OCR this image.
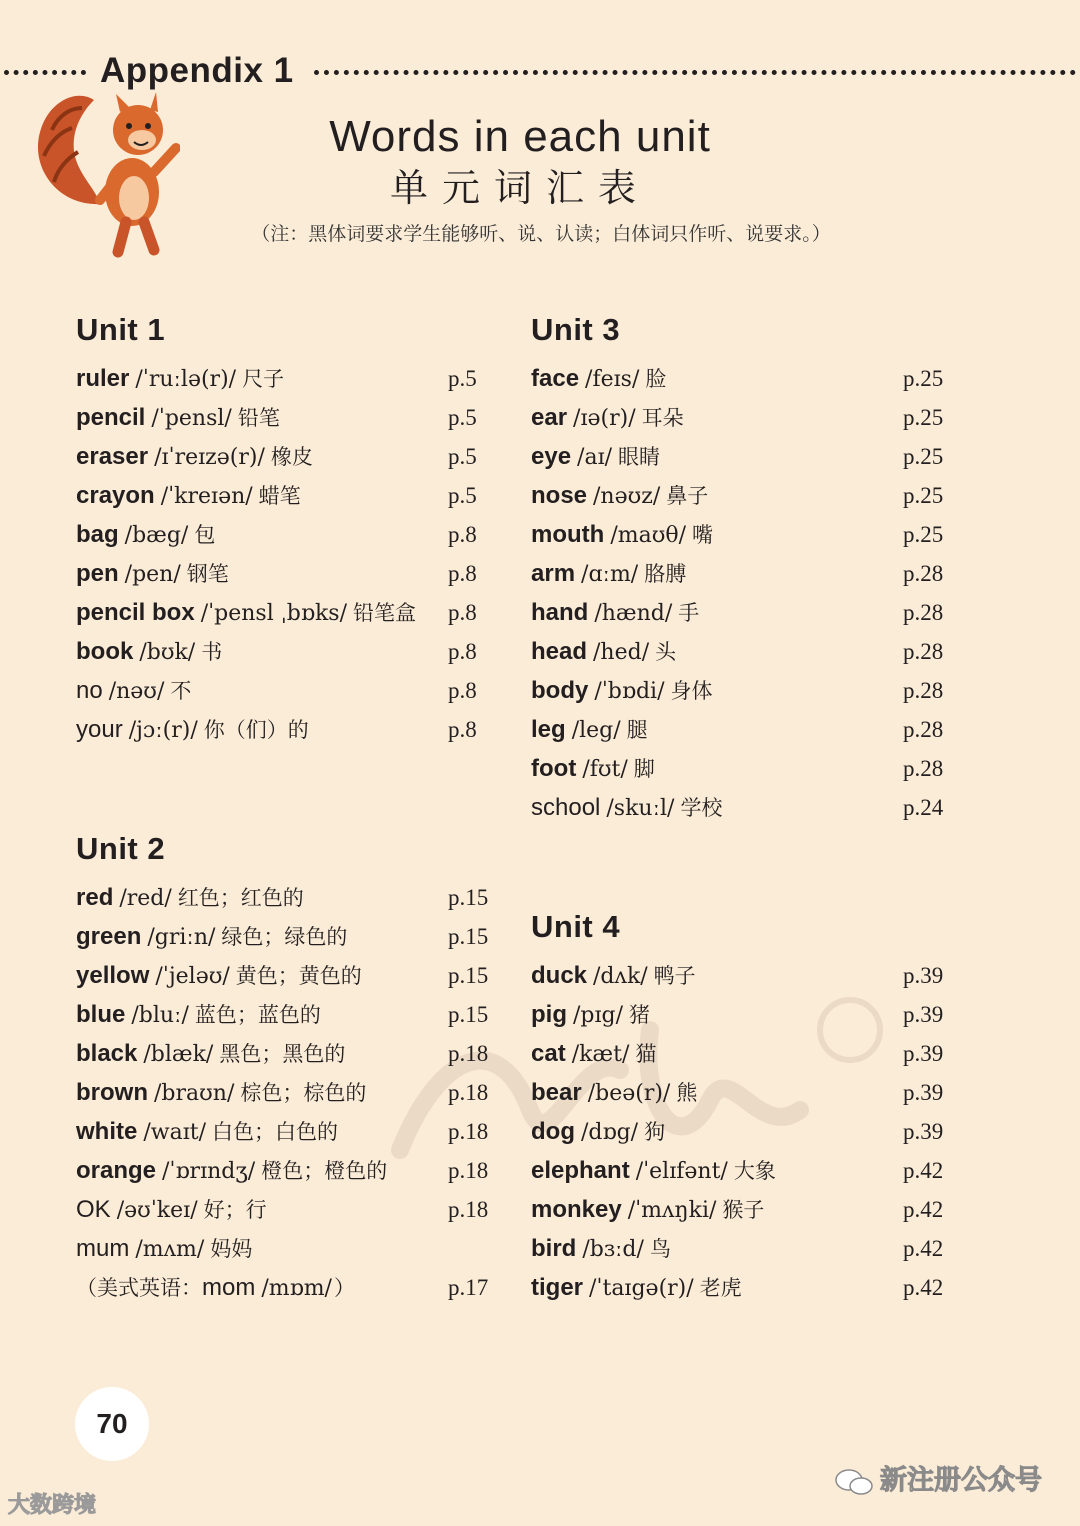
Appendix 1
Words in each unit
单元词汇表
（注：黑体词要求学生能够听、说、认读；白体词只作听、说要求。）
Unit 1
ruler /ˈruːlə(r)/ 尺子	p.5
pencil /ˈpensl/ 铅笔	p.5
eraser /ɪˈreɪzə(r)/ 橡皮	p.5
crayon /ˈkreɪən/ 蜡笔	p.5
bag /bæg/ 包	p.8
pen /pen/ 钢笔	p.8
pencil box /ˈpensl ˌbɒks/ 铅笔盒 p.8
book /bʊk/ 书	p.8
no /nəʊ/ 不	p.8
your /jɔː(r)/ 你（们）的	p.8
Unit 2
red /red/ 红色；红色的	p.15
green /griːn/ 绿色；绿色的	p.15
yellow /ˈjeləʊ/ 黄色；黄色的	p.15
blue /bluː/ 蓝色；蓝色的	p.15
black /blæk/ 黑色；黑色的	p.18
brown /braʊn/ 棕色；棕色的	p.18
white /waɪt/ 白色；白色的	p.18
orange /ˈɒrɪndʒ/ 橙色；橙色的	p.18
OK /əʊˈkeɪ/ 好；行	p.18
mum /mʌm/ 妈妈
（美式英语：mom /mɒm/）	p.17
Unit 3
face /feɪs/ 脸	p.25
ear /ɪə(r)/ 耳朵	p.25
eye /aɪ/ 眼睛	p.25
nose /nəʊz/ 鼻子	p.25
mouth /maʊθ/ 嘴	p.25
arm /ɑːm/ 胳膊	p.28
hand /hænd/ 手	p.28
head /hed/ 头	p.28
body /ˈbɒdi/ 身体	p.28
leg /leg/ 腿	p.28
foot /fʊt/ 脚	p.28
school /skuːl/ 学校	p.24
Unit 4
duck /dʌk/ 鸭子	p.39
pig /pɪg/ 猪	p.39
cat /kæt/ 猫	p.39
bear /beə(r)/ 熊	p.39
dog /dɒg/ 狗	p.39
elephant /ˈelɪfənt/ 大象	p.42
monkey /ˈmʌŋki/ 猴子	p.42
bird /bɜːd/ 鸟	p.42
tiger /ˈtaɪgə(r)/ 老虎	p.42
70
大数跨境
新注册公众号
